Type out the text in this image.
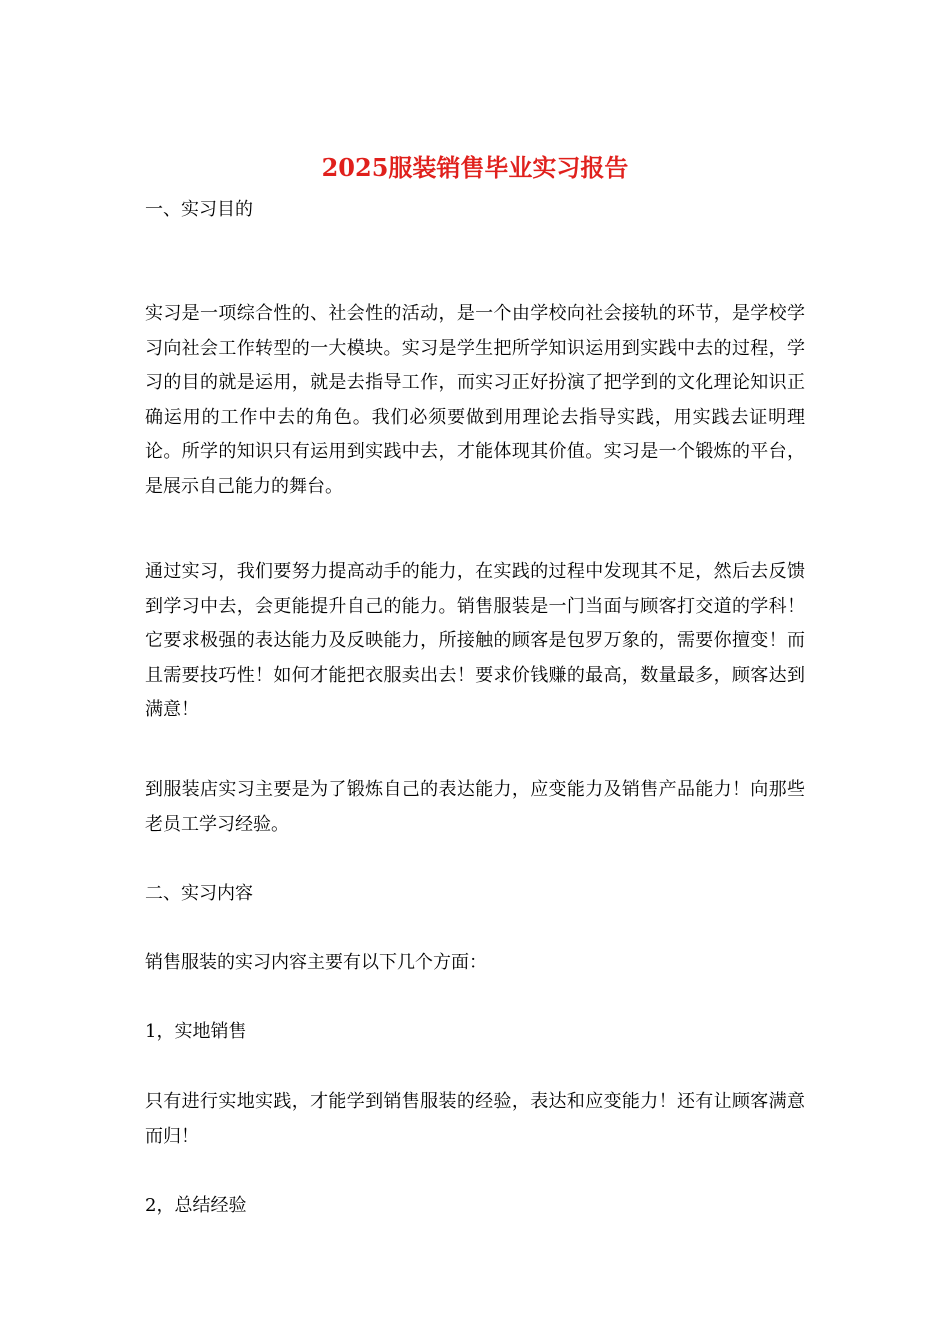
2025服装销售毕业实习报告

一、实习目的

实习是一项综合性的、社会性的活动，是一个由学校向社会接轨的环节，是学校学习向社会工作转型的一大模块。实习是学生把所学知识运用到实践中去的过程，学习的目的就是运用，就是去指导工作，而实习正好扮演了把学到的文化理论知识正确运用的工作中去的角色。我们必须要做到用理论去指导实践，用实践去证明理论。所学的知识只有运用到实践中去，才能体现其价值。实习是一个锻炼的平台，是展示自己能力的舞台。

通过实习，我们要努力提高动手的能力，在实践的过程中发现其不足，然后去反馈到学习中去，会更能提升自己的能力。销售服装是一门当面与顾客打交道的学科！它要求极强的表达能力及反映能力，所接触的顾客是包罗万象的，需要你擅变！而且需要技巧性！如何才能把衣服卖出去！要求价钱赚的最高，数量最多，顾客达到满意！

到服装店实习主要是为了锻炼自己的表达能力，应变能力及销售产品能力！向那些老员工学习经验。

二、实习内容

销售服装的实习内容主要有以下几个方面：

1，实地销售

只有进行实地实践，才能学到销售服装的经验，表达和应变能力！还有让顾客满意而归！

2，总结经验
